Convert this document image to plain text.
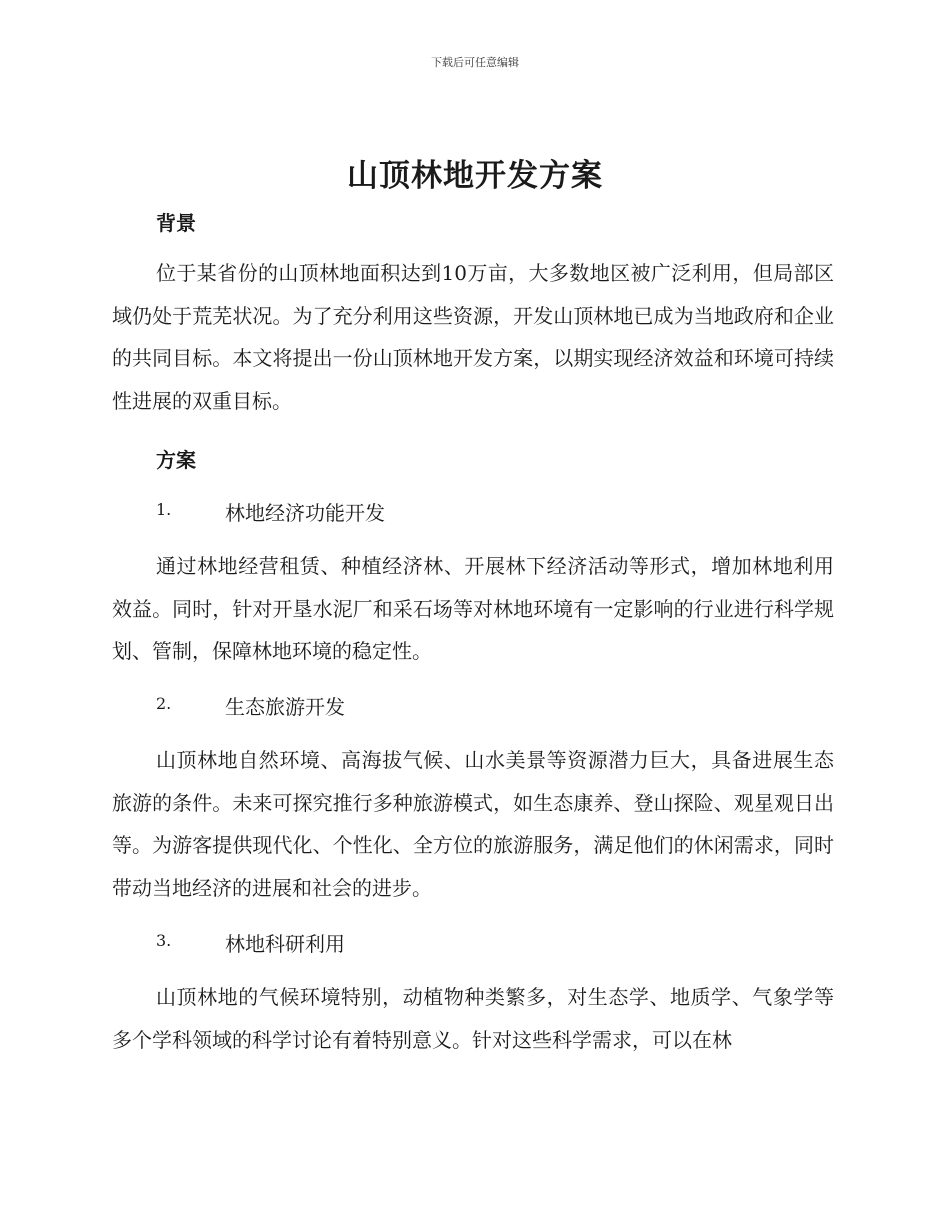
下载后可任意编辑
山顶林地开发方案
背景

位于某省份的山顶林地面积达到10万亩，大多数地区被广泛利用，但局部区域仍处于荒芜状况。为了充分利用这些资源，开发山顶林地已成为当地政府和企业的共同目标。本文将提出一份山顶林地开发方案，以期实现经济效益和环境可持续性进展的双重目标。

方案
1.	林地经济功能开发

通过林地经营租赁、种植经济林、开展林下经济活动等形式，增加林地利用效益。同时，针对开垦水泥厂和采石场等对林地环境有一定影响的行业进行科学规划、管制，保障林地环境的稳定性。

2.	生态旅游开发

山顶林地自然环境、高海拔气候、山水美景等资源潜力巨大，具备进展生态旅游的条件。未来可探究推行多种旅游模式，如生态康养、登山探险、观星观日出等。为游客提供现代化、个性化、全方位的旅游服务，满足他们的休闲需求，同时带动当地经济的进展和社会的进步。

3.	林地科研利用

山顶林地的气候环境特别，动植物种类繁多，对生态学、地质学、气象学等多个学科领域的科学讨论有着特别意义。针对这些科学需求，可以在林
